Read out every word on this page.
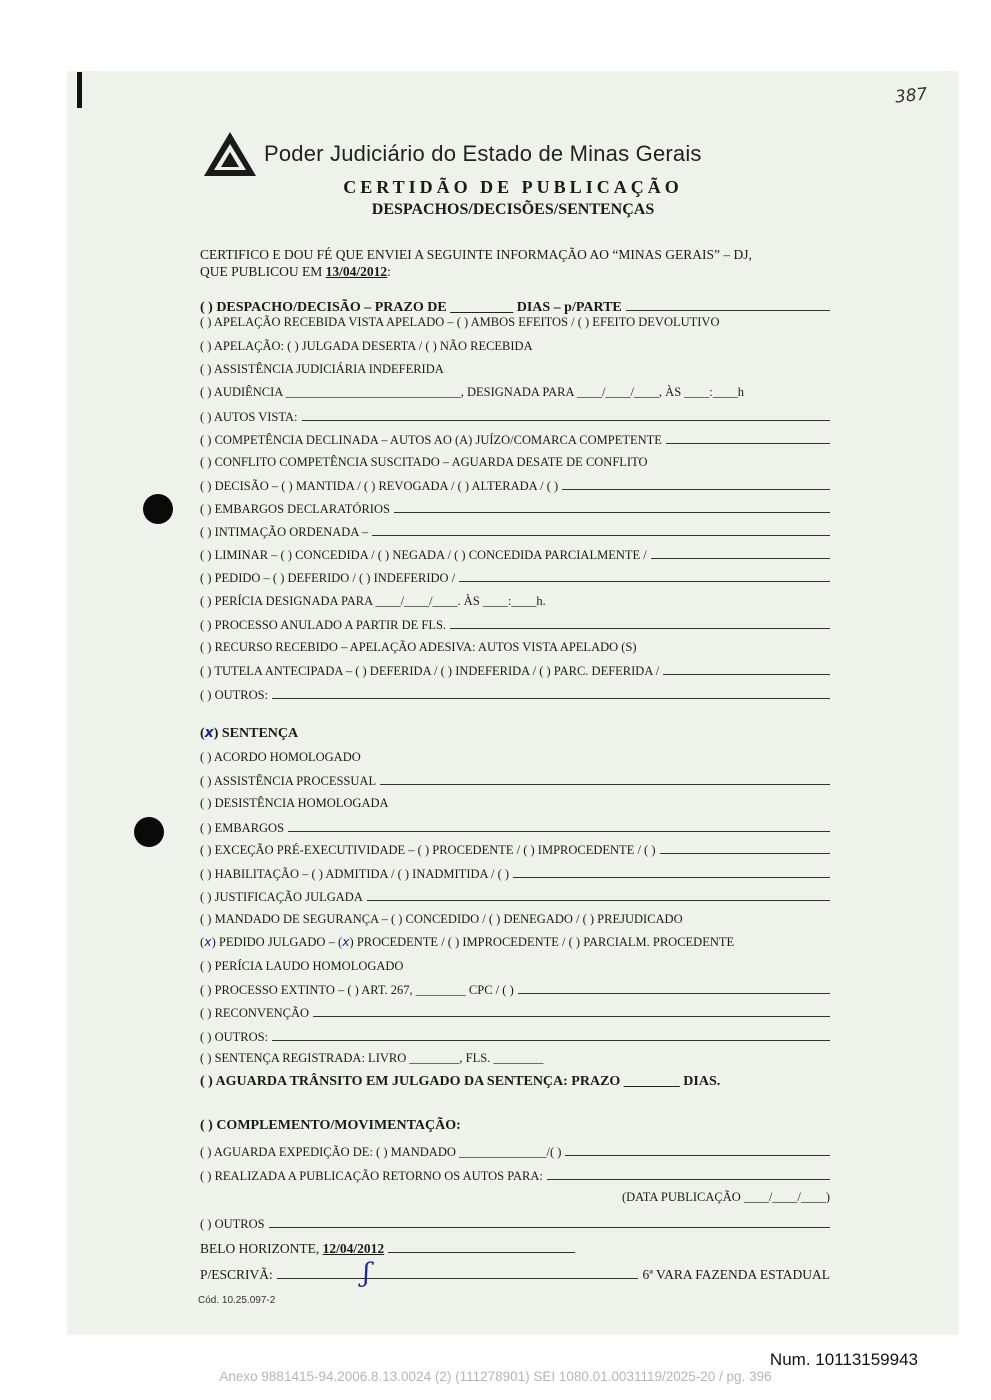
387
Poder Judiciário do Estado de Minas Gerais
CERTIDÃO DE PUBLICAÇÃO
DESPACHOS/DECISÕES/SENTENÇAS
CERTIFICO E DOU FÉ QUE ENVIEI A SEGUINTE INFORMAÇÃO AO “MINAS GERAIS” – DJ,
QUE PUBLICOU EM 13/04/2012:
( ) DESPACHO/DECISÃO – PRAZO DE _________ DIAS – p/PARTE
( ) APELAÇÃO RECEBIDA VISTA APELADO – ( ) AMBOS EFEITOS / ( ) EFEITO DEVOLUTIVO
( ) APELAÇÃO: ( ) JULGADA DESERTA / ( ) NÃO RECEBIDA
( ) ASSISTÊNCIA JUDICIÁRIA INDEFERIDA
( ) AUDIÊNCIA ____________________________, DESIGNADA PARA ____/____/____, ÀS ____:____h
( ) AUTOS VISTA:
( ) COMPETÊNCIA DECLINADA – AUTOS AO (A) JUÍZO/COMARCA COMPETENTE
( ) CONFLITO COMPETÊNCIA SUSCITADO – AGUARDA DESATE DE CONFLITO
( ) DECISÃO – ( ) MANTIDA / ( ) REVOGADA / ( ) ALTERADA / ( )
( ) EMBARGOS DECLARATÓRIOS
( ) INTIMAÇÃO ORDENADA –
( ) LIMINAR – ( ) CONCEDIDA / ( ) NEGADA / ( ) CONCEDIDA PARCIALMENTE /
( ) PEDIDO – ( ) DEFERIDO / ( ) INDEFERIDO /
( ) PERÍCIA DESIGNADA PARA ____/____/____. ÀS ____:____h.
( ) PROCESSO ANULADO A PARTIR DE FLS.
( ) RECURSO RECEBIDO – APELAÇÃO ADESIVA: AUTOS VISTA APELADO (S)
( ) TUTELA ANTECIPADA – ( ) DEFERIDA / ( ) INDEFERIDA / ( ) PARC. DEFERIDA /
( ) OUTROS:
( x ) SENTENÇA
( ) ACORDO HOMOLOGADO
( ) ASSISTÊNCIA PROCESSUAL
( ) DESISTÊNCIA HOMOLOGADA
( ) EMBARGOS
( ) EXCEÇÃO PRÉ-EXECUTIVIDADE – ( ) PROCEDENTE / ( ) IMPROCEDENTE / ( )
( ) HABILITAÇÃO – ( ) ADMITIDA / ( ) INADMITIDA / ( )
( ) JUSTIFICAÇÃO JULGADA
( ) MANDADO DE SEGURANÇA – ( ) CONCEDIDO / ( ) DENEGADO / ( ) PREJUDICADO
( x ) PEDIDO JULGADO – ( x ) PROCEDENTE / ( ) IMPROCEDENTE / ( ) PARCIALM. PROCEDENTE
( ) PERÍCIA LAUDO HOMOLOGADO
( ) PROCESSO EXTINTO – ( ) ART. 267, ________ CPC / ( )
( ) RECONVENÇÃO
( ) OUTROS:
( ) SENTENÇA REGISTRADA: LIVRO ________, FLS. ________
( ) AGUARDA TRÂNSITO EM JULGADO DA SENTENÇA: PRAZO ________ DIAS.
( ) COMPLEMENTO/MOVIMENTAÇÃO:
( ) AGUARDA EXPEDIÇÃO DE: ( ) MANDADO ______________/( )
( ) REALIZADA A PUBLICAÇÃO RETORNO OS AUTOS PARA:
(DATA PUBLICAÇÃO ____/____/____)
( ) OUTROS
BELO HORIZONTE,
12/04/2012
P/ESCRIVÃ:	6ª VARA FAZENDA ESTADUAL
ʃ
Cód. 10.25.097-2
Num. 10113159943
Anexo 9881415-94.2006.8.13.0024 (2) (111278901) SEI 1080.01.0031119/2025-20 / pg. 396
